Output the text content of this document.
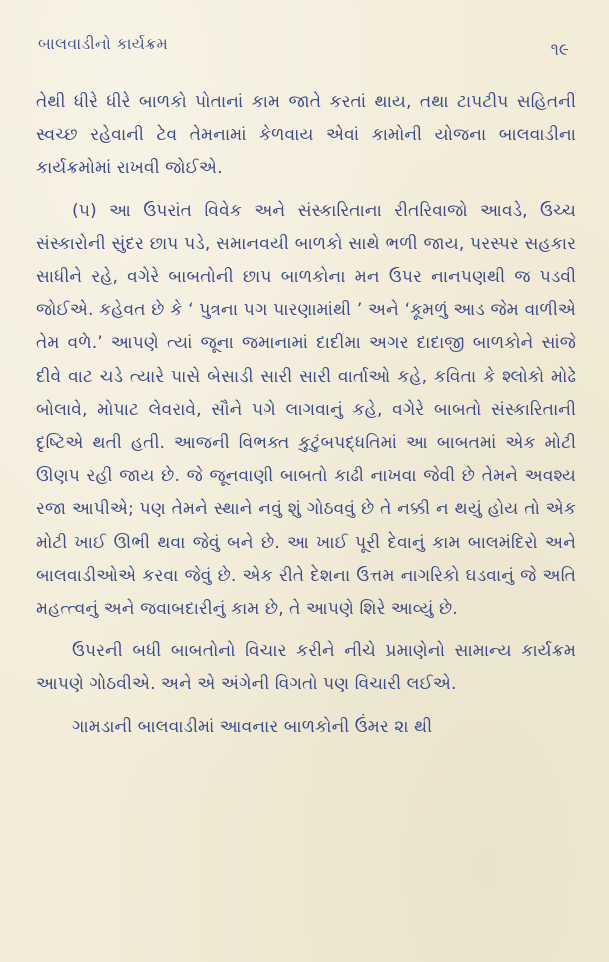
બાલવાડીનો કાર્યક્રમ	૧૯

તેથી ધીરે ધીરે બાળકો પોતાનાં કામ જાતે કરતાં થાય, તથા ટાપટીપ સહિતની સ્વચ્છ રહેવાની ટેવ તેમનામાં કેળવાય એવાં કામોની યોજના બાલવાડીના કાર્યક્રમોમાં રાખવી જોઈએ.

(૫) આ ઉપરાંત વિવેક અને સંસ્કારિતાના રીતરિવાજો આવડે, ઉચ્ચ સંસ્કારોની સુંદર છાપ પડે, સમાનવયી બાળકો સાથે ભળી જાય, પરસ્પર સહકાર સાધીને રહે, વગેરે બાબતોની છાપ બાળકોના મન ઉપર નાનપણથી જ પડવી જોઈએ. કહેવત છે કે ‘ પુત્રના પગ પારણામાંથી ’ અને ‘કૂમળું આડ જેમ વાળીએ તેમ વળે.’ આપણે ત્યાં જૂના જમાનામાં દાદીમા અગર દાદાજી બાળકોને સાંજે દીવે વાટ ચડે ત્યારે પાસે બેસાડી સારી સારી વાર્તાઓ કહે, કવિતા કે શ્લોકો મોઢે બોલાવે, મોપાટ લેવરાવે, સૌને પગે લાગવાનું કહે, વગેરે બાબતો સંસ્કારિતાની દૃષ્ટિએ થતી હતી. આજની વિભક્ત કુટુંબપદ્ધતિમાં આ બાબતમાં એક મોટી ઊણપ રહી જાય છે. જે જૂનવાણી બાબતો કાઢી નાખવા જેવી છે તેમને અવશ્ય રજા આપીએ; પણ તેમને સ્થાને નવું શું ગોઠવવું છે તે નક્કી ન થયું હોય તો એક મોટી ખાઈ ઊભી થવા જેવું બને છે. આ ખાઈ પૂરી દેવાનું કામ બાલમંદિરો અને બાલવાડીઓએ કરવા જેવું છે. એક રીતે દેશના ઉત્તમ નાગરિકો ઘડવાનું જે અતિ મહત્ત્વનું અને જવાબદારીનું કામ છે, તે આપણે શિરે આવ્યું છે.

ઉપરની બધી બાબતોનો વિચાર કરીને નીચે પ્રમાણેનો સામાન્ય કાર્યક્રમ આપણે ગોઠવીએ. અને એ અંગેની વિગતો પણ વિચારી લઈએ.

ગામડાની બાલવાડીમાં આવનાર બાળકોની ઉંમર ૨ા થી
